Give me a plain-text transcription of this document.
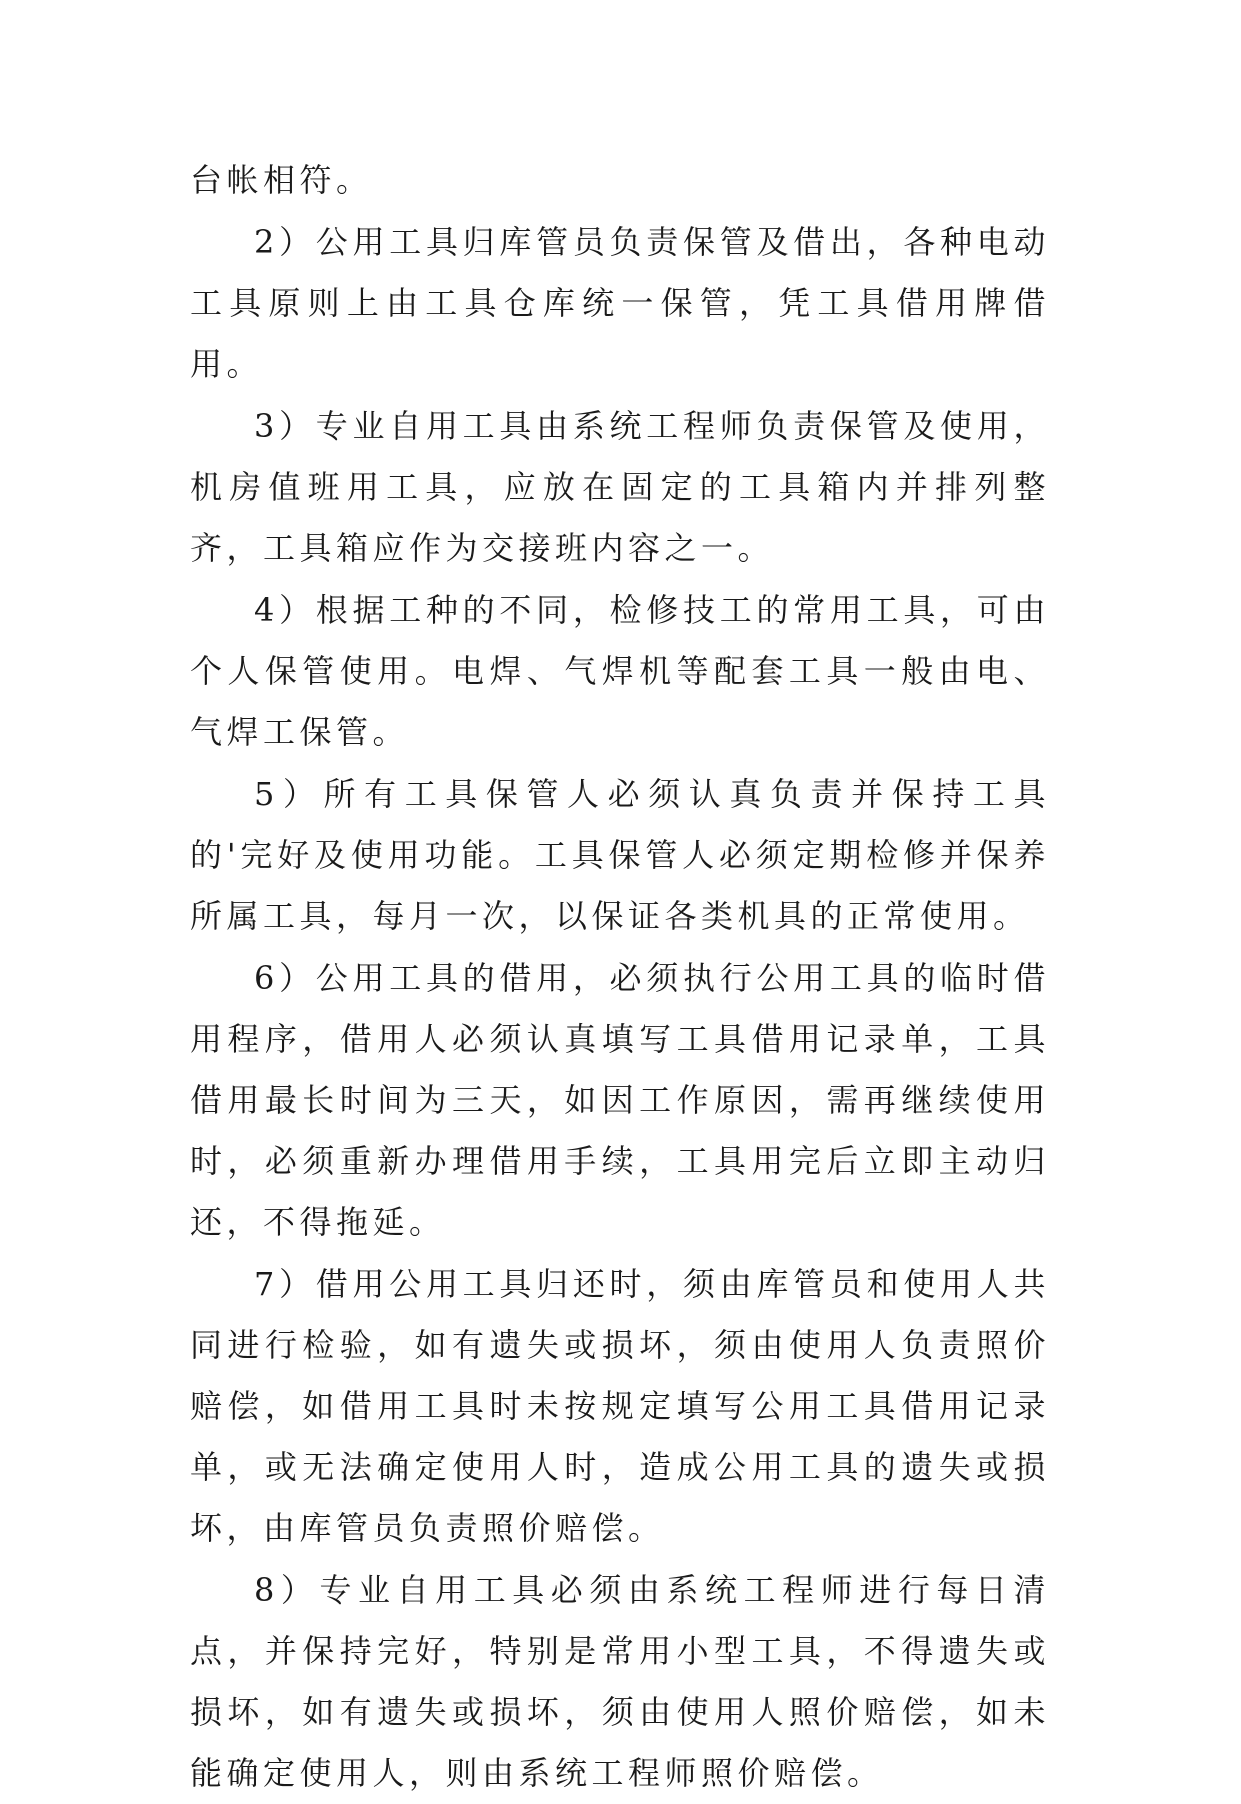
台帐相符。

2）公用工具归库管员负责保管及借出，各种电动工具原则上由工具仓库统一保管，凭工具借用牌借用。

3）专业自用工具由系统工程师负责保管及使用，机房值班用工具，应放在固定的工具箱内并排列整齐，工具箱应作为交接班内容之一。

4）根据工种的不同，检修技工的常用工具，可由个人保管使用。电焊、气焊机等配套工具一般由电、气焊工保管。

5）所有工具保管人必须认真负责并保持工具的'完好及使用功能。工具保管人必须定期检修并保养所属工具，每月一次，以保证各类机具的正常使用。

6）公用工具的借用，必须执行公用工具的临时借用程序，借用人必须认真填写工具借用记录单，工具借用最长时间为三天，如因工作原因，需再继续使用时，必须重新办理借用手续，工具用完后立即主动归还，不得拖延。

7）借用公用工具归还时，须由库管员和使用人共同进行检验，如有遗失或损坏，须由使用人负责照价赔偿，如借用工具时未按规定填写公用工具借用记录单，或无法确定使用人时，造成公用工具的遗失或损坏，由库管员负责照价赔偿。

8）专业自用工具必须由系统工程师进行每日清点，并保持完好，特别是常用小型工具，不得遗失或损坏，如有遗失或损坏，须由使用人照价赔偿，如未能确定使用人，则由系统工程师照价赔偿。
